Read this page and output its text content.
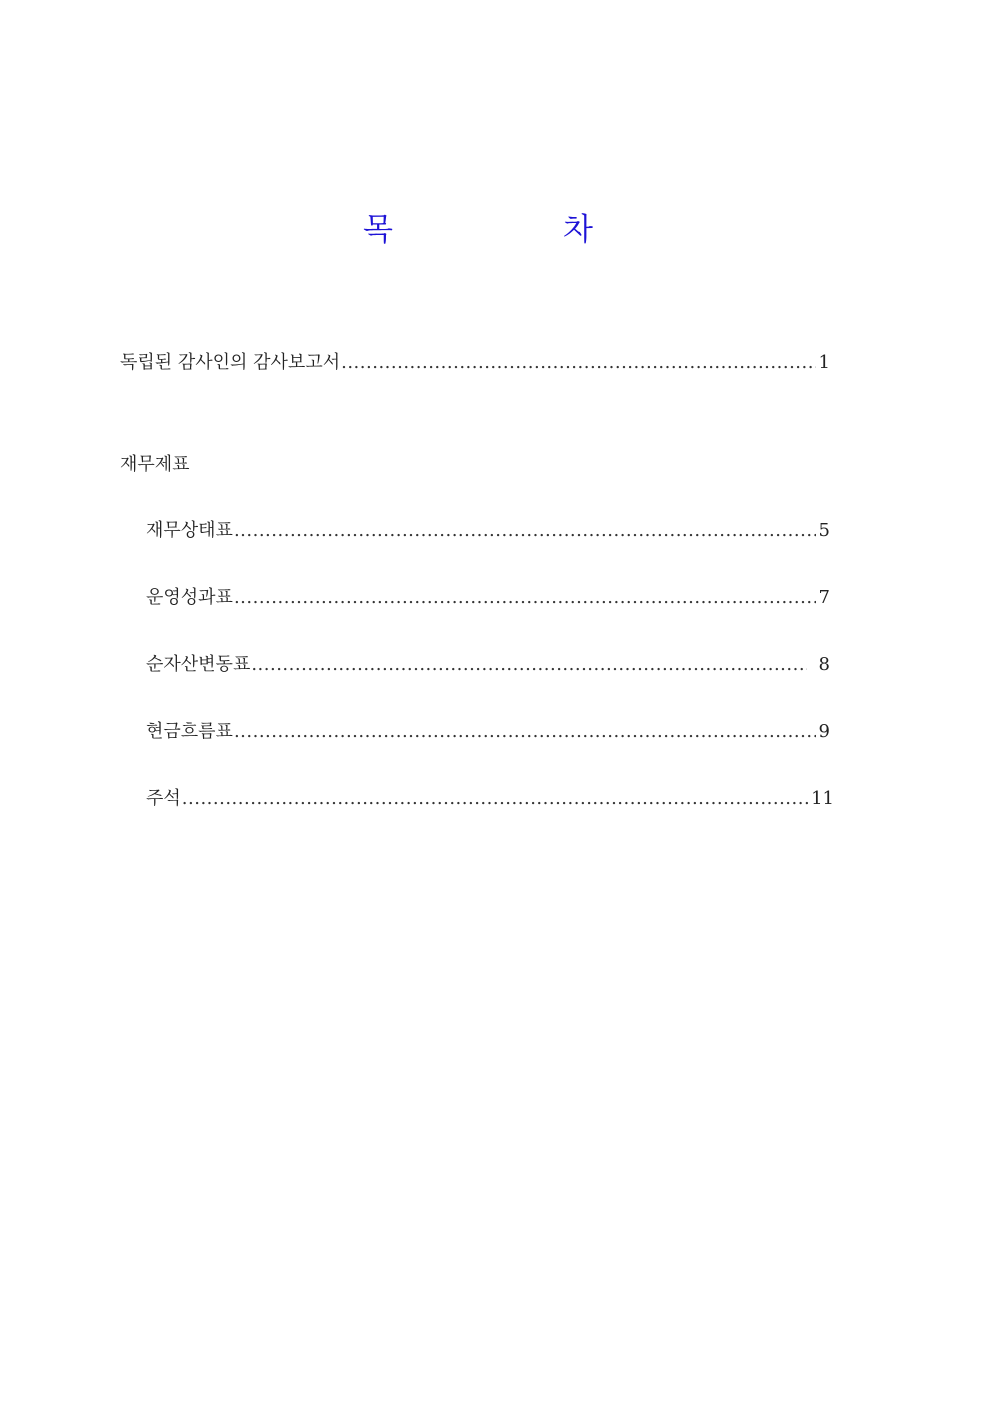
목	차
독립된 감사인의 감사보고서 .....	1
재무제표
재무상태표 .....	5
운영성과표 .....	7
순자산변동표 .....	8
현금흐름표 .....	9
주석 .....	11
